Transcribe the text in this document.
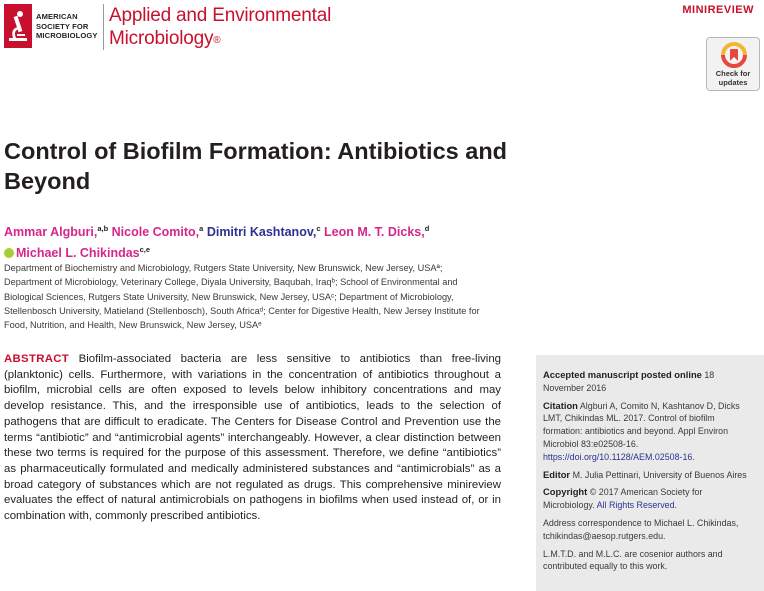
AMERICAN
SOCIETY FOR
MICROBIOLOGY
Applied and Environmental
Microbiology®
MINIREVIEW
Check for updates
Control of Biofilm Formation: Antibiotics and Beyond
Ammar Algburi,$^{a,b}$ Nicole Comito,$^a$ Dimitri Kashtanov,$^c$ Leon M. T. Dicks,$^d$
Michael L. Chikindas$^{c,e}$
Department of Biochemistry and Microbiology, Rutgers State University, New Brunswick, New Jersey, USAª; Department of Microbiology, Veterinary College, Diyala University, Baqubah, Iraqᵇ; School of Environmental and Biological Sciences, Rutgers State University, New Brunswick, New Jersey, USAᶜ; Department of Microbiology, Stellenbosch University, Matieland (Stellenbosch), South Africaᵈ; Center for Digestive Health, New Jersey Institute for Food, Nutrition, and Health, New Brunswick, New Jersey, USAᵉ
ABSTRACT Biofilm-associated bacteria are less sensitive to antibiotics than free-living (planktonic) cells. Furthermore, with variations in the concentration of antibiotics throughout a biofilm, microbial cells are often exposed to levels below inhibitory concentrations and may develop resistance. This, and the irresponsible use of antibiotics, leads to the selection of pathogens that are difficult to eradicate. The Centers for Disease Control and Prevention use the terms “antibiotic” and “antimicrobial agents” interchangeably. However, a clear distinction between these two terms is required for the purpose of this assessment. Therefore, we define “antibiotics” as pharmaceutically formulated and medically administered substances and “antimicrobials” as a broad category of substances which are not regulated as drugs. This comprehensive minireview evaluates the effect of natural antimicrobials on pathogens in biofilms when used instead of, or in combination with, commonly prescribed antibiotics.

Accepted manuscript posted online 18 November 2016

Citation Algburi A, Comito N, Kashtanov D, Dicks LMT, Chikindas ML. 2017. Control of biofilm formation: antibiotics and beyond. Appl Environ Microbiol 83:e02508-16. https://doi.org/10.1128/AEM.02508-16.

Editor M. Julia Pettinari, University of Buenos Aires

Copyright © 2017 American Society for Microbiology. All Rights Reserved.

Address correspondence to Michael L. Chikindas, tchikindas@aesop.rutgers.edu.

L.M.T.D. and M.L.C. are cosenior authors and contributed equally to this work.
